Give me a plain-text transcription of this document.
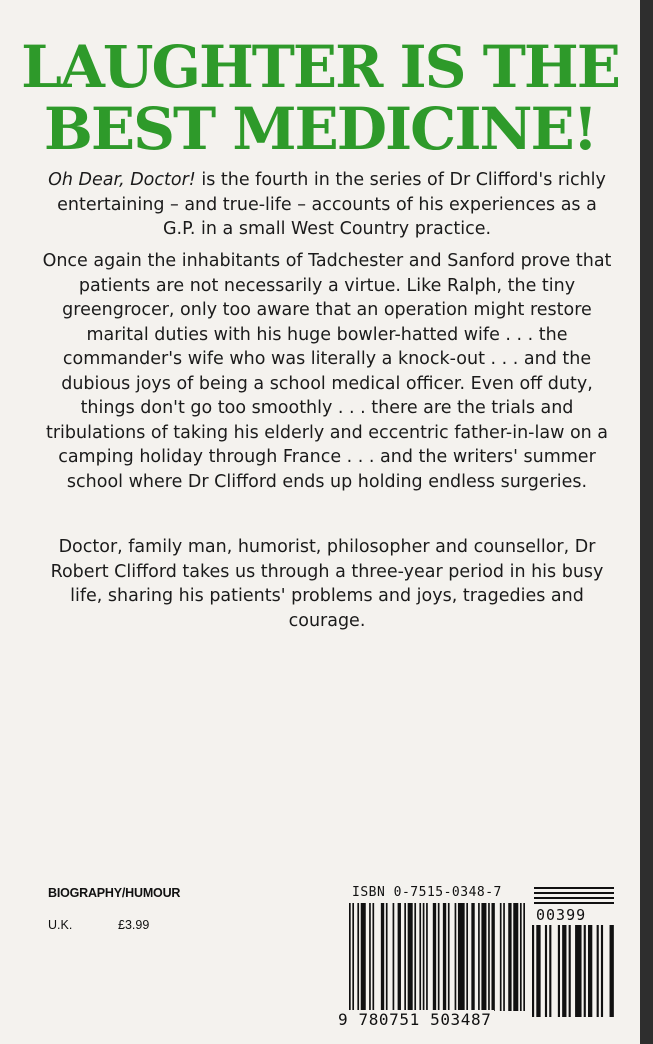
LAUGHTER IS THE
BEST MEDICINE!

Oh Dear, Doctor! is the fourth in the series of Dr Clifford's richly entertaining – and true-life – accounts of his experiences as a G.P. in a small West Country practice.

Once again the inhabitants of Tadchester and Sanford prove that patients are not necessarily a virtue. Like Ralph, the tiny greengrocer, only too aware that an operation might restore marital duties with his huge bowler-hatted wife . . . the commander's wife who was literally a knock-out . . . and the dubious joys of being a school medical officer. Even off duty, things don't go too smoothly . . . there are the trials and tribulations of taking his elderly and eccentric father-in-law on a camping holiday through France . . . and the writers' summer school where Dr Clifford ends up holding endless surgeries.

Doctor, family man, humorist, philosopher and counsellor, Dr Robert Clifford takes us through a three-year period in his busy life, sharing his patients' problems and joys, tragedies and courage.

BIOGRAPHY/HUMOUR
U.K.	£3.99
ISBN 0-7515-0348-7
9 780751 503487
00399
